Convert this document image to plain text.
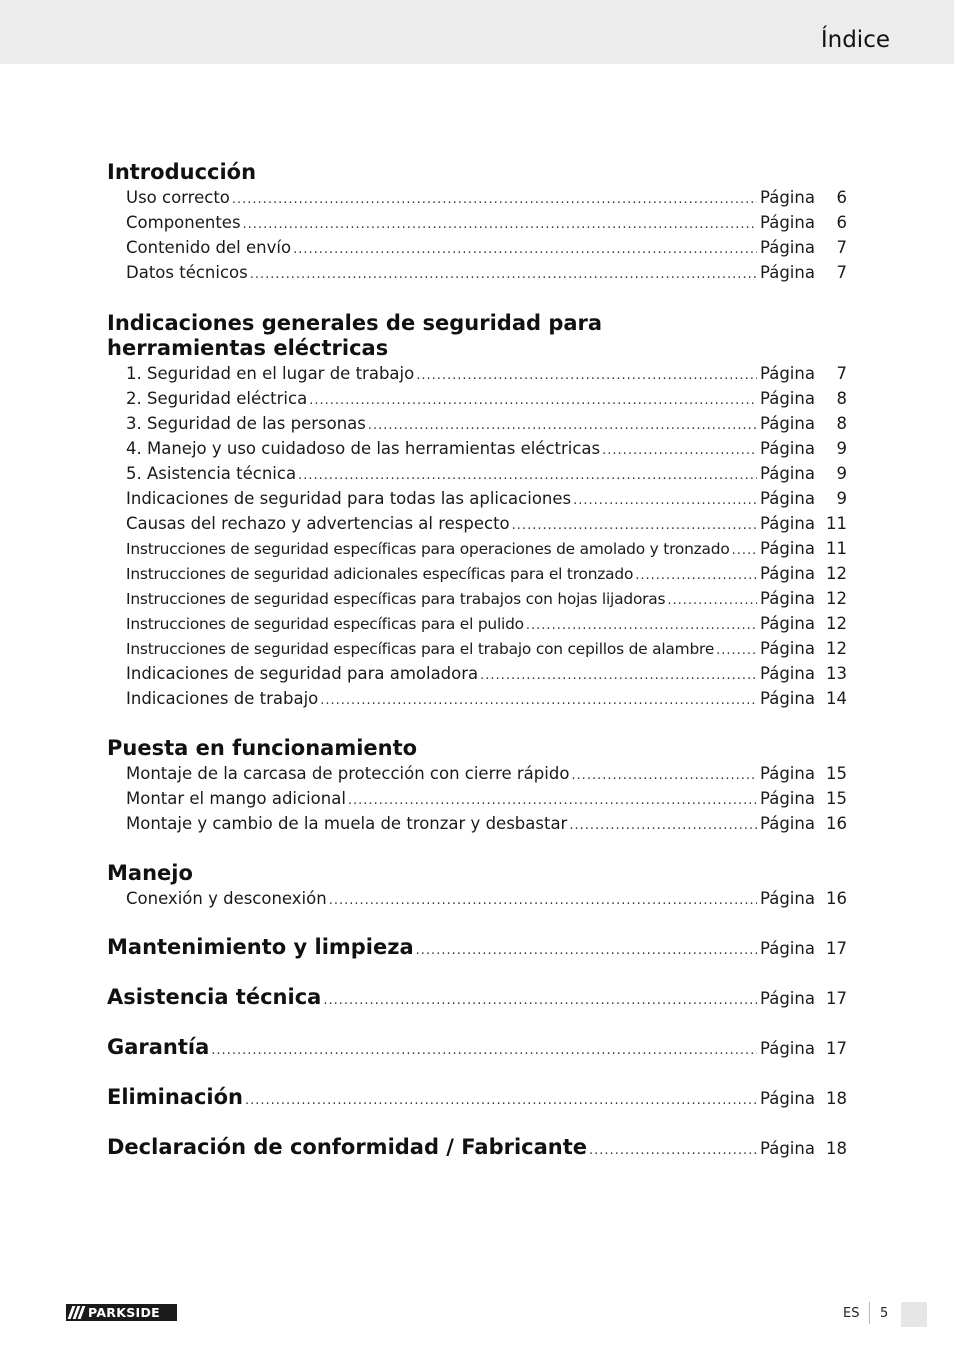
Índice
Introducción
Uso correcto .....	Página	6
Componentes .....	Página	6
Contenido del envío .....	Página	7
Datos técnicos .....	Página	7
Indicaciones generales de seguridad para herramientas eléctricas
1. Seguridad en el lugar de trabajo .....	Página	7
2. Seguridad eléctrica .....	Página	8
3. Seguridad de las personas .....	Página	8
4. Manejo y uso cuidadoso de las herramientas eléctricas .....	Página	9
5. Asistencia técnica .....	Página	9
Indicaciones de seguridad para todas las aplicaciones .....	Página	9
Causas del rechazo y advertencias al respecto .....	Página 11
Instrucciones de seguridad específicas para operaciones de amolado y tronzado ..... Página 11
Instrucciones de seguridad adicionales específicas para el tronzado .....	Página 12
Instrucciones de seguridad específicas para trabajos con hojas lijadoras .....	Página 12
Instrucciones de seguridad específicas para el pulido .....	Página 12
Instrucciones de seguridad específicas para el trabajo con cepillos de alambre .....	Página 12
Indicaciones de seguridad para amoladora .....	Página 13
Indicaciones de trabajo .....	Página 14
Puesta en funcionamiento
Montaje de la carcasa de protección con cierre rápido .....	Página 15
Montar el mango adicional .....	Página 15
Montaje y cambio de la muela de tronzar y desbastar .....	Página 16
Manejo
Conexión y desconexión .....	Página 16
Mantenimiento y limpieza .....	Página 17
Asistencia técnica .....	Página 17
Garantía .....	Página 17
Eliminación .....	Página 18
Declaración de conformidad / Fabricante .....	Página 18
PARKSIDE	ES 5
